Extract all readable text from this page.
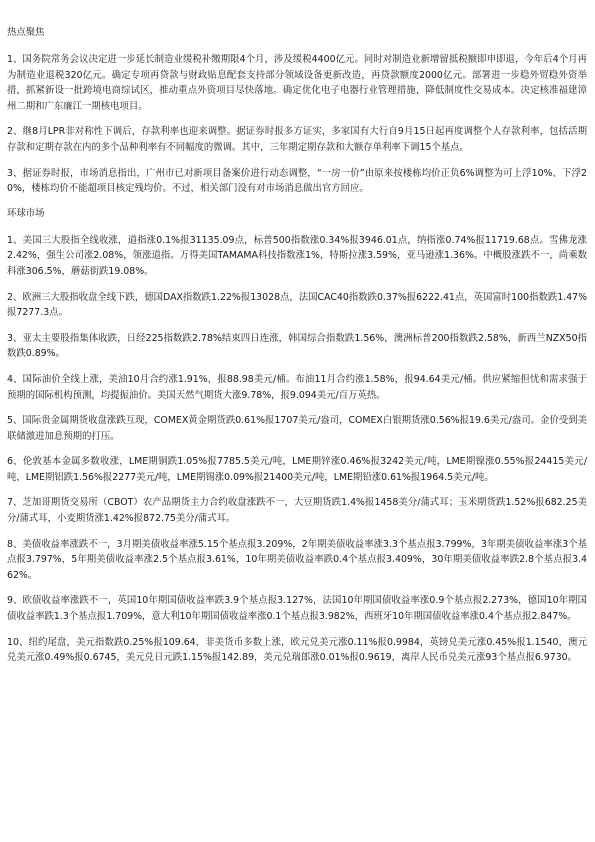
热点聚焦

1、国务院常务会议决定进一步延长制造业缓税补缴期限4个月，涉及缓税4400亿元。同时对制造业新增留抵税额即申即退，今年后4个月再为制造业退税320亿元。确定专项再贷款与财政贴息配套支持部分领域设备更新改造，再贷款额度2000亿元。部署进一步稳外贸稳外资举措，抓紧新设一批跨境电商综试区，推动重点外资项目尽快落地。确定优化电子电器行业管理措施，降低制度性交易成本。决定核准福建漳州二期和广东廉江一期核电项目。

2、继8月LPR非对称性下调后，存款利率也迎来调整。据证券时报多方证实，多家国有大行自9月15日起再度调整个人存款利率，包括活期存款和定期存款在内的多个品种利率有不同幅度的微调。其中，三年期定期存款和大额存单利率下调15个基点。

3、据证券时报，市场消息指出，广州市已对新项目备案价进行动态调整，“一房一价”由原来按楼栋均价正负6%调整为可上浮10%、下浮20%，楼栋均价不能超项目核定残均价。不过，相关部门没有对市场消息做出官方回应。

环球市场

1、美国三大股指全线收涨，道指涨0.1%报31135.09点，标普500指数涨0.34%报3946.01点，纳指涨0.74%报11719.68点。雪佛龙涨2.42%，强生公司涨2.08%，领涨道指。万得美国TAMAMA科技指数涨1%，特斯拉涨3.59%，亚马逊涨1.36%。中概股涨跌不一，尚乘数科涨306.5%，蘑菇街跌19.08%。

2、欧洲三大股指收盘全线下跌，德国DAX指数跌1.22%报13028点，法国CAC40指数跌0.37%报6222.41点，英国富时100指数跌1.47%报7277.3点。

3、亚太主要股指集体收跌，日经225指数跌2.78%结束四日连涨，韩国综合指数跌1.56%，澳洲标普200指数跌2.58%，新西兰NZX50指数跌0.89%。

4、国际油价全线上涨，美油10月合约涨1.91%，报88.98美元/桶。布油11月合约涨1.58%，报94.64美元/桶。供应紧缩担忧和需求强于预期的国际机构预测，均提振油价。美国天然气期货大涨9.78%，报9.094美元/百万英热。

5、国际贵金属期货收盘涨跌互现，COMEX黄金期货跌0.61%报1707美元/盎司，COMEX白银期货涨0.56%报19.6美元/盎司。金价受到美联储激进加息预期的打压。

6、伦敦基本金属多数收涨，LME期铜跌1.05%报7785.5美元/吨，LME期锌涨0.46%报3242美元/吨，LME期镍涨0.55%报24415美元/吨，LME期铝跌1.56%报2277美元/吨，LME期锡涨0.09%报21400美元/吨，LME期铅涨0.61%报1964.5美元/吨。

7、芝加哥期货交易所（CBOT）农产品期货主力合约收盘涨跌不一，大豆期货跌1.4%报1458美分/蒲式耳；玉米期货跌1.52%报682.25美分/蒲式耳，小麦期货涨1.42%报872.75美分/蒲式耳。

8、美债收益率涨跌不一，3月期美债收益率涨5.15个基点报3.209%，2年期美债收益率涨3.3个基点报3.799%，3年期美债收益率涨3个基点报3.797%，5年期美债收益率涨2.5个基点报3.61%，10年期美债收益率跌0.4个基点报3.409%，30年期美债收益率跌2.8个基点报3.462%。

9、欧债收益率涨跌不一，英国10年期国债收益率跌3.9个基点报3.127%，法国10年期国债收益率涨0.9个基点报2.273%，德国10年期国债收益率跌1.3个基点报1.709%，意大利10年期国债收益率涨0.1个基点报3.982%，西班牙10年期国债收益率涨0.4个基点报2.847%。

10、纽约尾盘，美元指数跌0.25%报109.64，非美货币多数上涨，欧元兑美元涨0.11%报0.9984，英镑兑美元涨0.45%报1.1540，澳元兑美元涨0.49%报0.6745，美元兑日元跌1.15%报142.89，美元兑瑞郎涨0.01%报0.9619，离岸人民币兑美元涨93个基点报6.9730。
